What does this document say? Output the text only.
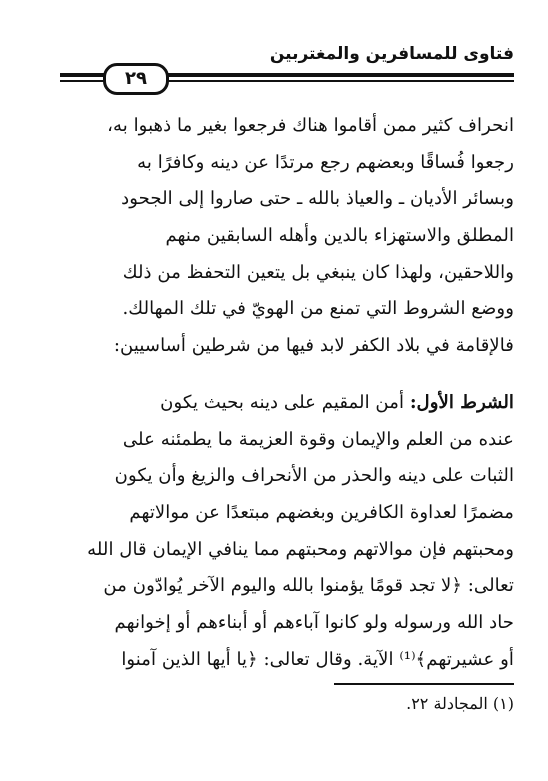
فتاوى للمسافرين والمغتربين
٢٩
انحراف كثير ممن أقاموا هناك فرجعوا بغير ما ذهبوا به،
رجعوا فُساقًا وبعضهم رجع مرتدًا عن دينه وكافرًا به
وبسائر الأديان ـ والعياذ بالله ـ حتى صاروا إلى الجحود
المطلق والاستهزاء بالدين وأهله السابقين منهم
واللاحقين، ولهذا كان ينبغي بل يتعين التحفظ من ذلك
ووضع الشروط التي تمنع من الهويّ في تلك المهالك.
فالإقامة في بلاد الكفر لابد فيها من شرطين أساسيين:
الشرط الأول: أمن المقيم على دينه بحيث يكون
عنده من العلم والإيمان وقوة العزيمة ما يطمئنه على
الثبات على دينه والحذر من الأنحراف والزيغ وأن يكون
مضمرًا لعداوة الكافرين وبغضهم مبتعدًا عن موالاتهم
ومحبتهم فإن موالاتهم ومحبتهم مما ينافي الإيمان قال الله
تعالى: ﴿لا تجد قومًا يؤمنوا بالله واليوم الآخر يُوادّون من
حاد الله ورسوله ولو كانوا آباءهم أو أبناءهم أو إخوانهم
أو عشيرتهم﴾⁽¹⁾ الآية. وقال تعالى: ﴿يا أيها الذين آمنوا
(١) المجادلة ٢٢.
